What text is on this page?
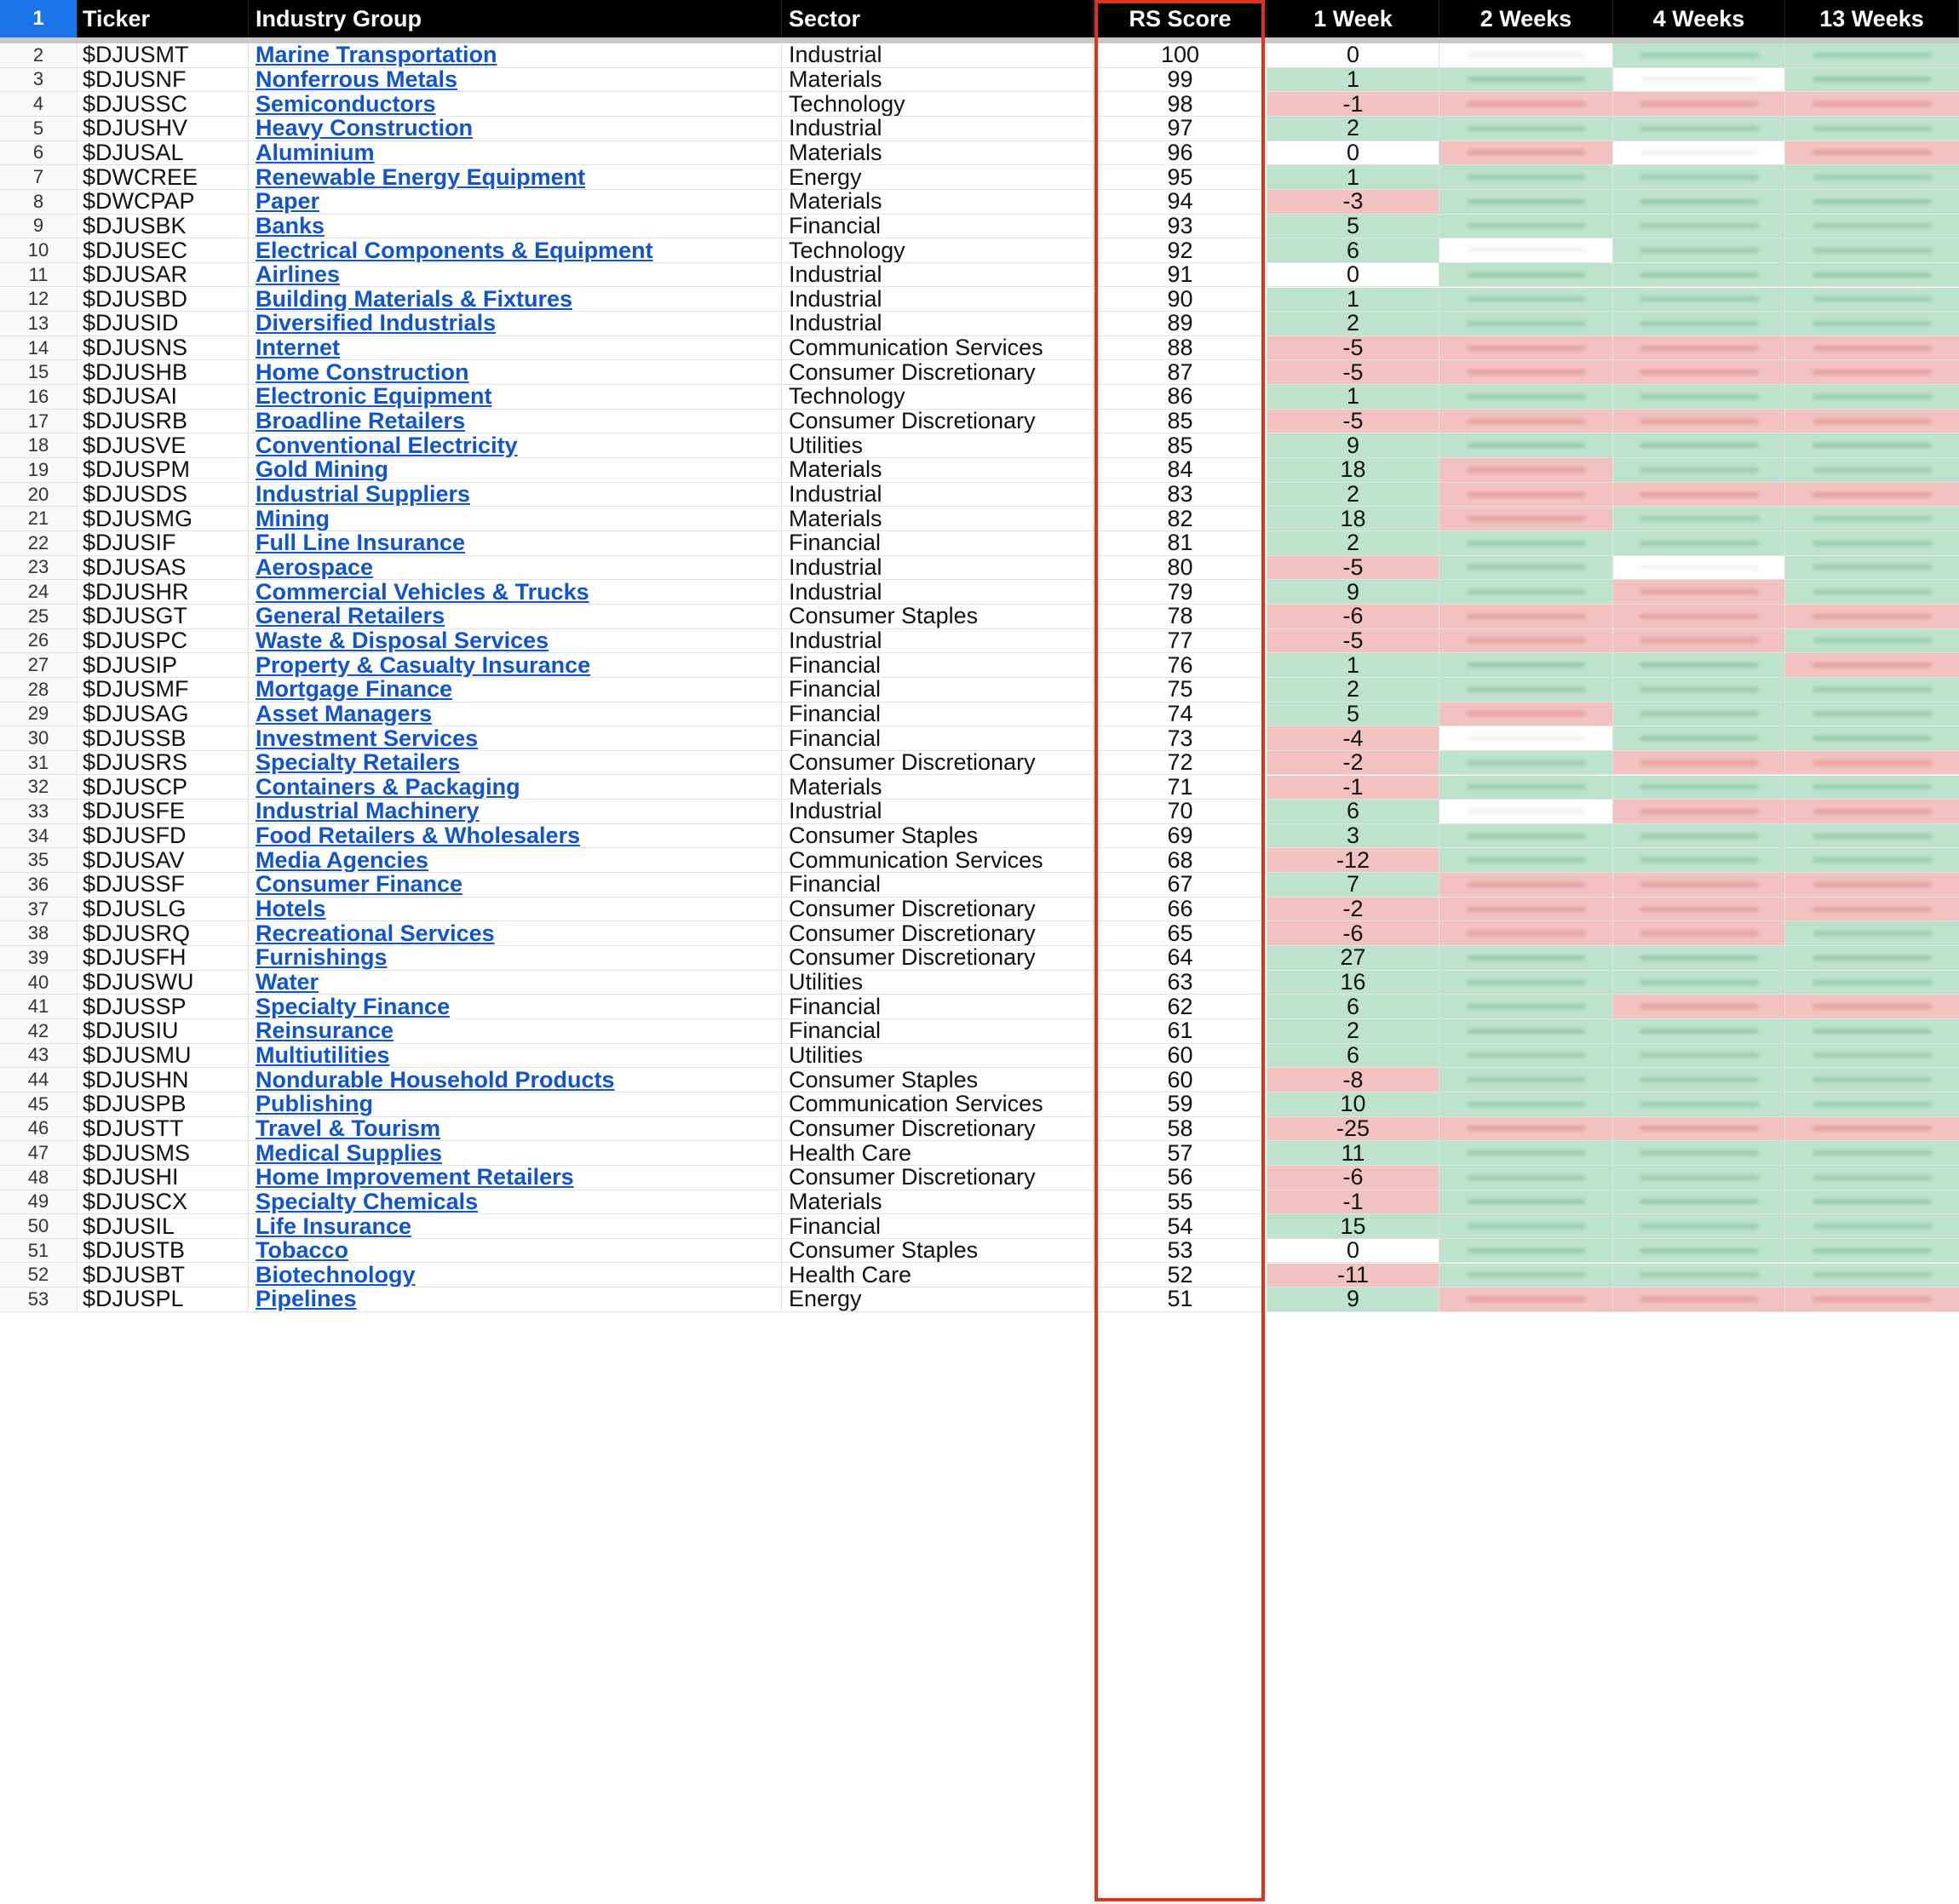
1	Ticker	Industry Group	Sector	RS Score	1 Week	2 Weeks	4 Weeks	13 Weeks
2	$DJUSMT	Marine Transportation	Industrial	100	0
3	$DJUSNF	Nonferrous Metals	Materials	99	1
4	$DJUSSC	Semiconductors	Technology	98	-1
5	$DJUSHV	Heavy Construction	Industrial	97	2
6	$DJUSAL	Aluminium	Materials	96	0
7	$DWCREE	Renewable Energy Equipment	Energy	95	1
8	$DWCPAP	Paper	Materials	94	-3
9	$DJUSBK	Banks	Financial	93	5
10	$DJUSEC	Electrical Components & Equipment	Technology	92	6
11	$DJUSAR	Airlines	Industrial	91	0
12	$DJUSBD	Building Materials & Fixtures	Industrial	90	1
13	$DJUSID	Diversified Industrials	Industrial	89	2
14	$DJUSNS	Internet	Communication Services	88	-5
15	$DJUSHB	Home Construction	Consumer Discretionary	87	-5
16	$DJUSAI	Electronic Equipment	Technology	86	1
17	$DJUSRB	Broadline Retailers	Consumer Discretionary	85	-5
18	$DJUSVE	Conventional Electricity	Utilities	85	9
19	$DJUSPM	Gold Mining	Materials	84	18
20	$DJUSDS	Industrial Suppliers	Industrial	83	2
21	$DJUSMG	Mining	Materials	82	18
22	$DJUSIF	Full Line Insurance	Financial	81	2
23	$DJUSAS	Aerospace	Industrial	80	-5
24	$DJUSHR	Commercial Vehicles & Trucks	Industrial	79	9
25	$DJUSGT	General Retailers	Consumer Staples	78	-6
26	$DJUSPC	Waste & Disposal Services	Industrial	77	-5
27	$DJUSIP	Property & Casualty Insurance	Financial	76	1
28	$DJUSMF	Mortgage Finance	Financial	75	2
29	$DJUSAG	Asset Managers	Financial	74	5
30	$DJUSSB	Investment Services	Financial	73	-4
31	$DJUSRS	Specialty Retailers	Consumer Discretionary	72	-2
32	$DJUSCP	Containers & Packaging	Materials	71	-1
33	$DJUSFE	Industrial Machinery	Industrial	70	6
34	$DJUSFD	Food Retailers & Wholesalers	Consumer Staples	69	3
35	$DJUSAV	Media Agencies	Communication Services	68	-12
36	$DJUSSF	Consumer Finance	Financial	67	7
37	$DJUSLG	Hotels	Consumer Discretionary	66	-2
38	$DJUSRQ	Recreational Services	Consumer Discretionary	65	-6
39	$DJUSFH	Furnishings	Consumer Discretionary	64	27
40	$DJUSWU	Water	Utilities	63	16
41	$DJUSSP	Specialty Finance	Financial	62	6
42	$DJUSIU	Reinsurance	Financial	61	2
43	$DJUSMU	Multiutilities	Utilities	60	6
44	$DJUSHN	Nondurable Household Products	Consumer Staples	60	-8
45	$DJUSPB	Publishing	Communication Services	59	10
46	$DJUSTT	Travel & Tourism	Consumer Discretionary	58	-25
47	$DJUSMS	Medical Supplies	Health Care	57	11
48	$DJUSHI	Home Improvement Retailers	Consumer Discretionary	56	-6
49	$DJUSCX	Specialty Chemicals	Materials	55	-1
50	$DJUSIL	Life Insurance	Financial	54	15
51	$DJUSTB	Tobacco	Consumer Staples	53	0
52	$DJUSBT	Biotechnology	Health Care	52	-11
53	$DJUSPL	Pipelines	Energy	51	9
